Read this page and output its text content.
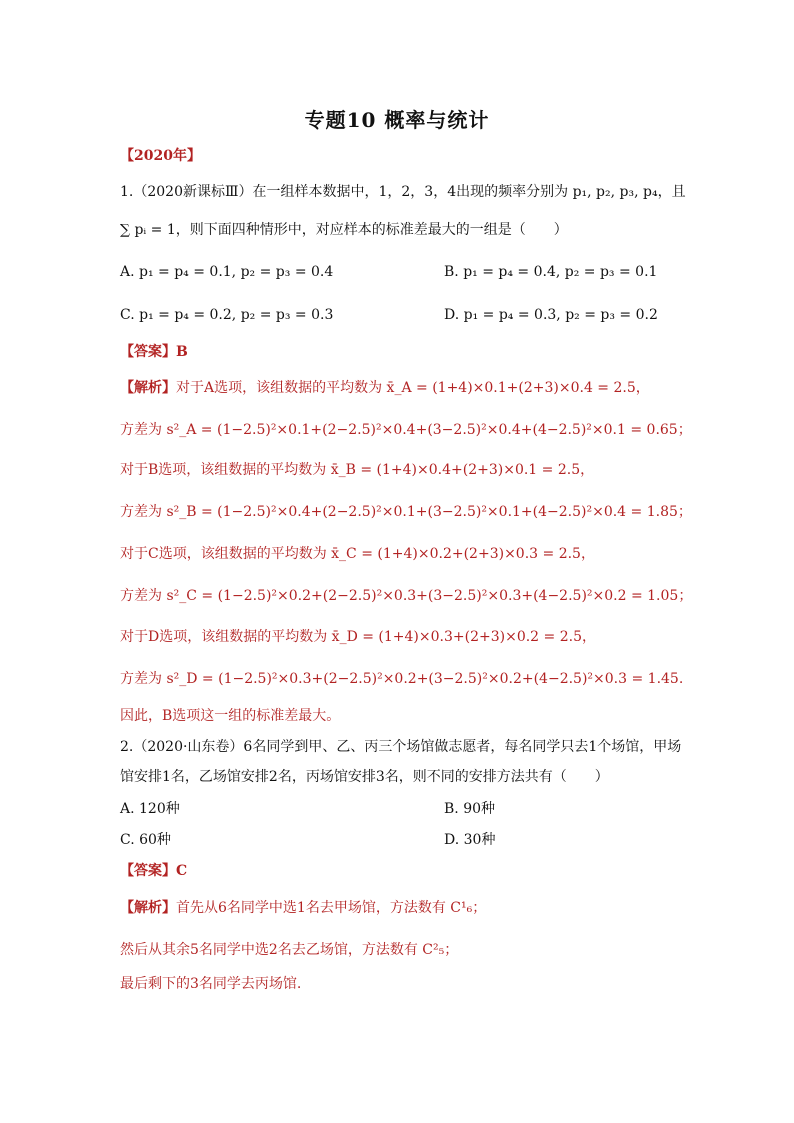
专题10 概率与统计
【2020年】
1.（2020新课标Ⅲ）在一组样本数据中，1，2，3，4出现的频率分别为 p₁, p₂, p₃, p₄，且
∑ pᵢ = 1，则下面四种情形中，对应样本的标准差最大的一组是（　　）
A. p₁ = p₄ = 0.1, p₂ = p₃ = 0.4	B. p₁ = p₄ = 0.4, p₂ = p₃ = 0.1
C. p₁ = p₄ = 0.2, p₂ = p₃ = 0.3	D. p₁ = p₄ = 0.3, p₂ = p₃ = 0.2
【答案】B
【解析】对于A选项，该组数据的平均数为 x̄_A = (1+4)×0.1+(2+3)×0.4 = 2.5，
方差为 s²_A = (1−2.5)²×0.1+(2−2.5)²×0.4+(3−2.5)²×0.4+(4−2.5)²×0.1 = 0.65；
对于B选项，该组数据的平均数为 x̄_B = (1+4)×0.4+(2+3)×0.1 = 2.5，
方差为 s²_B = (1−2.5)²×0.4+(2−2.5)²×0.1+(3−2.5)²×0.1+(4−2.5)²×0.4 = 1.85；
对于C选项，该组数据的平均数为 x̄_C = (1+4)×0.2+(2+3)×0.3 = 2.5，
方差为 s²_C = (1−2.5)²×0.2+(2−2.5)²×0.3+(3−2.5)²×0.3+(4−2.5)²×0.2 = 1.05；
对于D选项，该组数据的平均数为 x̄_D = (1+4)×0.3+(2+3)×0.2 = 2.5，
方差为 s²_D = (1−2.5)²×0.3+(2−2.5)²×0.2+(3−2.5)²×0.2+(4−2.5)²×0.3 = 1.45.
因此，B选项这一组的标准差最大。
2.（2020·山东卷）6名同学到甲、乙、丙三个场馆做志愿者，每名同学只去1个场馆，甲场
馆安排1名，乙场馆安排2名，丙场馆安排3名，则不同的安排方法共有（　　）
A. 120种	B. 90种
C. 60种	D. 30种
【答案】C
【解析】首先从6名同学中选1名去甲场馆，方法数有 C¹₆；
然后从其余5名同学中选2名去乙场馆，方法数有 C²₅；
最后剩下的3名同学去丙场馆.
